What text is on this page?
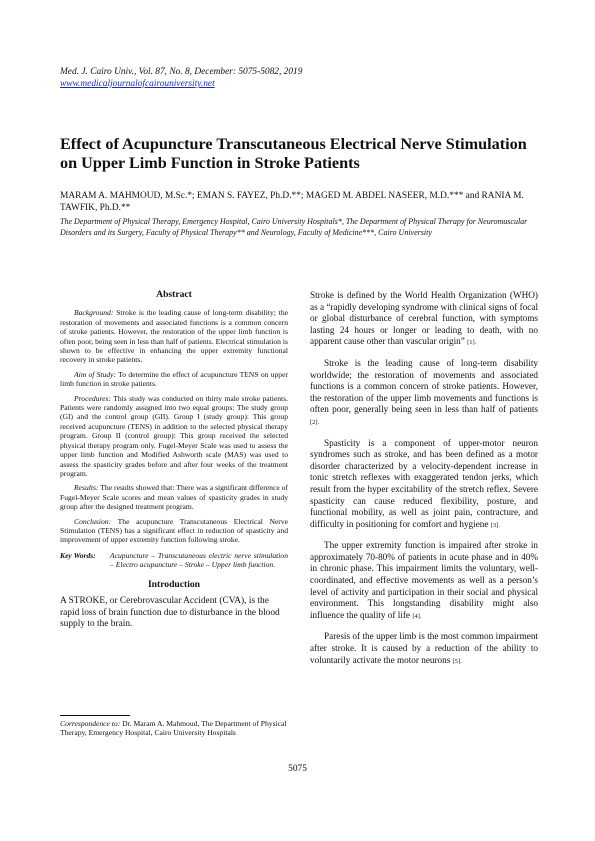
Med. J. Cairo Univ., Vol. 87, No. 8, December: 5075-5082, 2019
www.medicaljournalofcairouniversity.net
Effect of Acupuncture Transcutaneous Electrical Nerve Stimulation on Upper Limb Function in Stroke Patients
MARAM A. MAHMOUD, M.Sc.*; EMAN S. FAYEZ, Ph.D.**; MAGED M. ABDEL NASEER, M.D.*** and RANIA M. TAWFIK, Ph.D.**
The Department of Physical Therapy, Emergency Hospital, Cairo University Hospitals*, The Department of Physical Therapy for Neuromuscular Disorders and its Surgery, Faculty of Physical Therapy** and Neurology, Faculty of Medicine***, Cairo University
Abstract

Background: Stroke is the leading cause of long-term disability; the restoration of movements and associated functions is a common concern of stroke patients. However, the restoration of the upper limb function is often poor, being seen in less than half of patients. Electrical stimulation is shown to be effective in enhancing the upper extremity functional recovery in stroke patients.

Aim of Study: To determine the effect of acupuncture TENS on upper limb function in stroke patients.

Procedures: This study was conducted on thirty male stroke patients. Patients were randomly assigned into two equal groups: The study group (GI) and the control group (GII). Group I (study group): This group received acupuncture (TENS) in addition to the selected physical therapy program. Group II (control group): This group received the selected physical therapy program only. Fugel-Meyer Scale was used to assess the upper limb function and Modified Ashworth scale (MAS) was used to assess the spasticity grades before and after four weeks of the treatment program.

Results: The results showed that: There was a significant difference of Fugel-Meyer Scale scores and mean values of spasticity grades in study group after the designed treatment program.

Conclusion: The acupuncture Transcutaneous Electrical Nerve Stimulation (TENS) has a significant effect in reduction of spasticity and improvement of upper extremity function following stroke.

Key Words:	Acupuncture – Transcutaneous electric nerve stimulation – Electro acupuncture – Stroke – Upper limb function.
Introduction

A STROKE, or Cerebrovascular Accident (CVA), is the rapid loss of brain function due to disturbance in the blood supply to the brain.

Correspondence to: Dr. Maram A. Mahmoud, The Department of Physical Therapy, Emergency Hospital, Cairo University Hospitals

Stroke is defined by the World Health Organization (WHO) as a “rapidly developing syndrome with clinical signs of focal or global disturbance of cerebral function, with symptoms lasting 24 hours or longer or leading to death, with no apparent cause other than vascular origin” [1].

Stroke is the leading cause of long-term disability worldwide; the restoration of movements and associated functions is a common concern of stroke patients. However, the restoration of the upper limb movements and functions is often poor, generally being seen in less than half of patients [2].

Spasticity is a component of upper-motor neuron syndromes such as stroke, and has been defined as a motor disorder characterized by a velocity-dependent increase in tonic stretch reflexes with exaggerated tendon jerks, which result from the hyper excitability of the stretch reflex. Severe spasticity can cause reduced flexibility, posture, and functional mobility, as well as joint pain, contracture, and difficulty in positioning for comfort and hygiene [3].

The upper extremity function is impaired after stroke in approximately 70-80% of patients in acute phase and in 40% in chronic phase. This impairment limits the voluntary, well-coordinated, and effective movements as well as a person’s level of activity and participation in their social and physical environment. This longstanding disability might also influence the quality of life [4].

Paresis of the upper limb is the most common impairment after stroke. It is caused by a reduction of the ability to voluntarily activate the motor neurons [5].

5075
